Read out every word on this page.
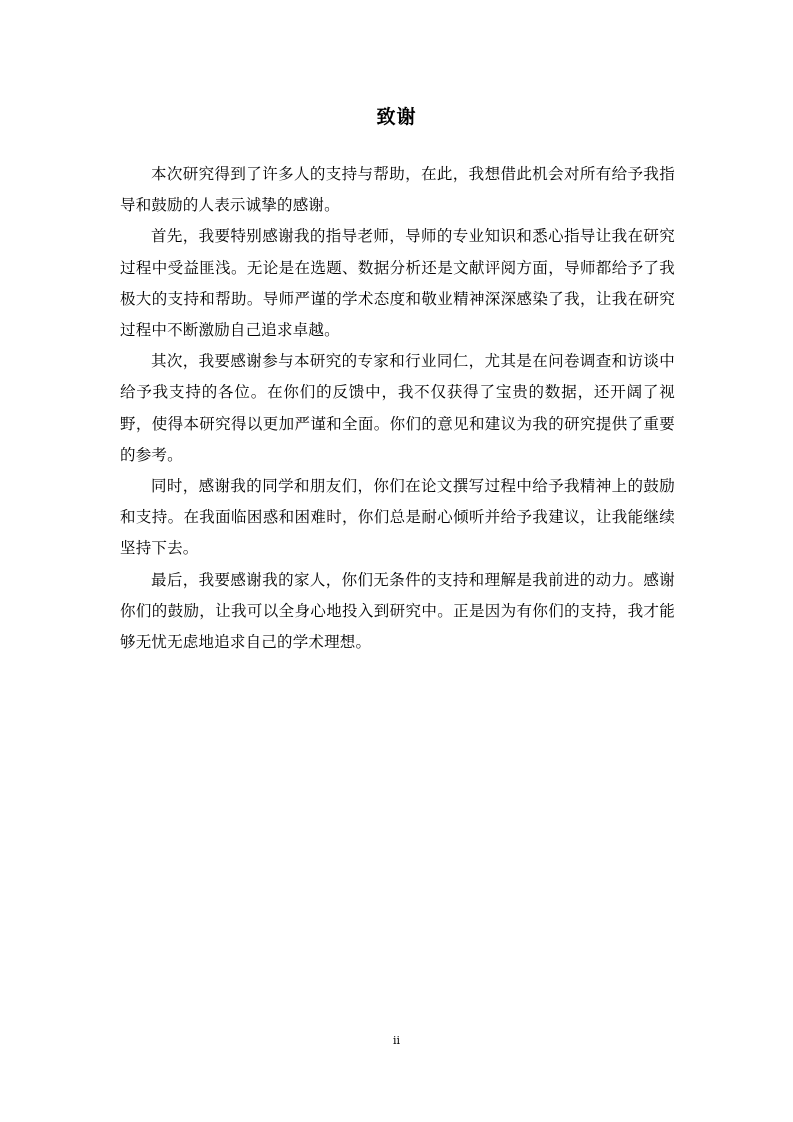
致谢

本次研究得到了许多人的支持与帮助，在此，我想借此机会对所有给予我指导和鼓励的人表示诚挚的感谢。

首先，我要特别感谢我的指导老师，导师的专业知识和悉心指导让我在研究过程中受益匪浅。无论是在选题、数据分析还是文献评阅方面，导师都给予了我极大的支持和帮助。导师严谨的学术态度和敬业精神深深感染了我，让我在研究过程中不断激励自己追求卓越。

其次，我要感谢参与本研究的专家和行业同仁，尤其是在问卷调查和访谈中给予我支持的各位。在你们的反馈中，我不仅获得了宝贵的数据，还开阔了视野，使得本研究得以更加严谨和全面。你们的意见和建议为我的研究提供了重要的参考。

同时，感谢我的同学和朋友们，你们在论文撰写过程中给予我精神上的鼓励和支持。在我面临困惑和困难时，你们总是耐心倾听并给予我建议，让我能继续坚持下去。

最后，我要感谢我的家人，你们无条件的支持和理解是我前进的动力。感谢你们的鼓励，让我可以全身心地投入到研究中。正是因为有你们的支持，我才能够无忧无虑地追求自己的学术理想。

ii
